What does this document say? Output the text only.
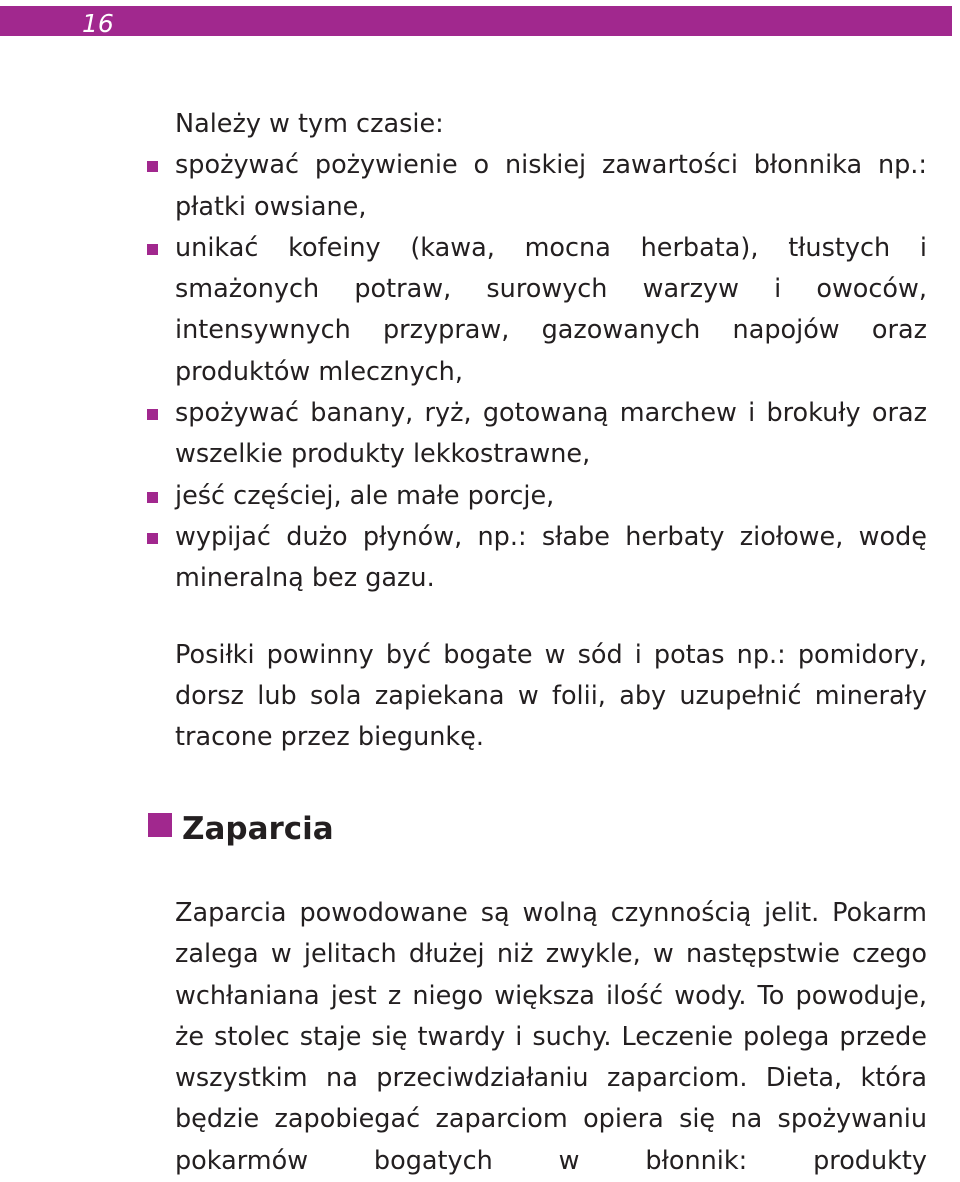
16

Należy w tym czasie:

spożywać pożywienie o niskiej zawartości błonnika np.: płatki owsiane,
unikać kofeiny (kawa, mocna herbata), tłustych i smażonych potraw, surowych warzyw i owoców, intensywnych przypraw, gazowanych napojów oraz produktów mlecznych,
spożywać banany, ryż, gotowaną marchew i brokuły oraz wszelkie produkty lekkostrawne,
jeść częściej, ale małe porcje,
wypijać dużo płynów, np.: słabe herbaty ziołowe, wodę mineralną bez gazu.

Posiłki powinny być bogate w sód i potas np.: pomidory, dorsz lub sola zapiekana w folii, aby uzupełnić minerały tracone przez biegunkę.

Zaparcia

Zaparcia powodowane są wolną czynnością jelit. Pokarm zalega w jelitach dłużej niż zwykle, w następstwie czego wchłaniana jest z niego większa ilość wody. To powoduje, że stolec staje się twardy i suchy. Leczenie polega przede wszystkim na przeciwdziałaniu zaparciom. Dieta, która będzie zapobiegać zaparciom opiera się na spożywaniu pokarmów bogatych w błonnik: produkty
